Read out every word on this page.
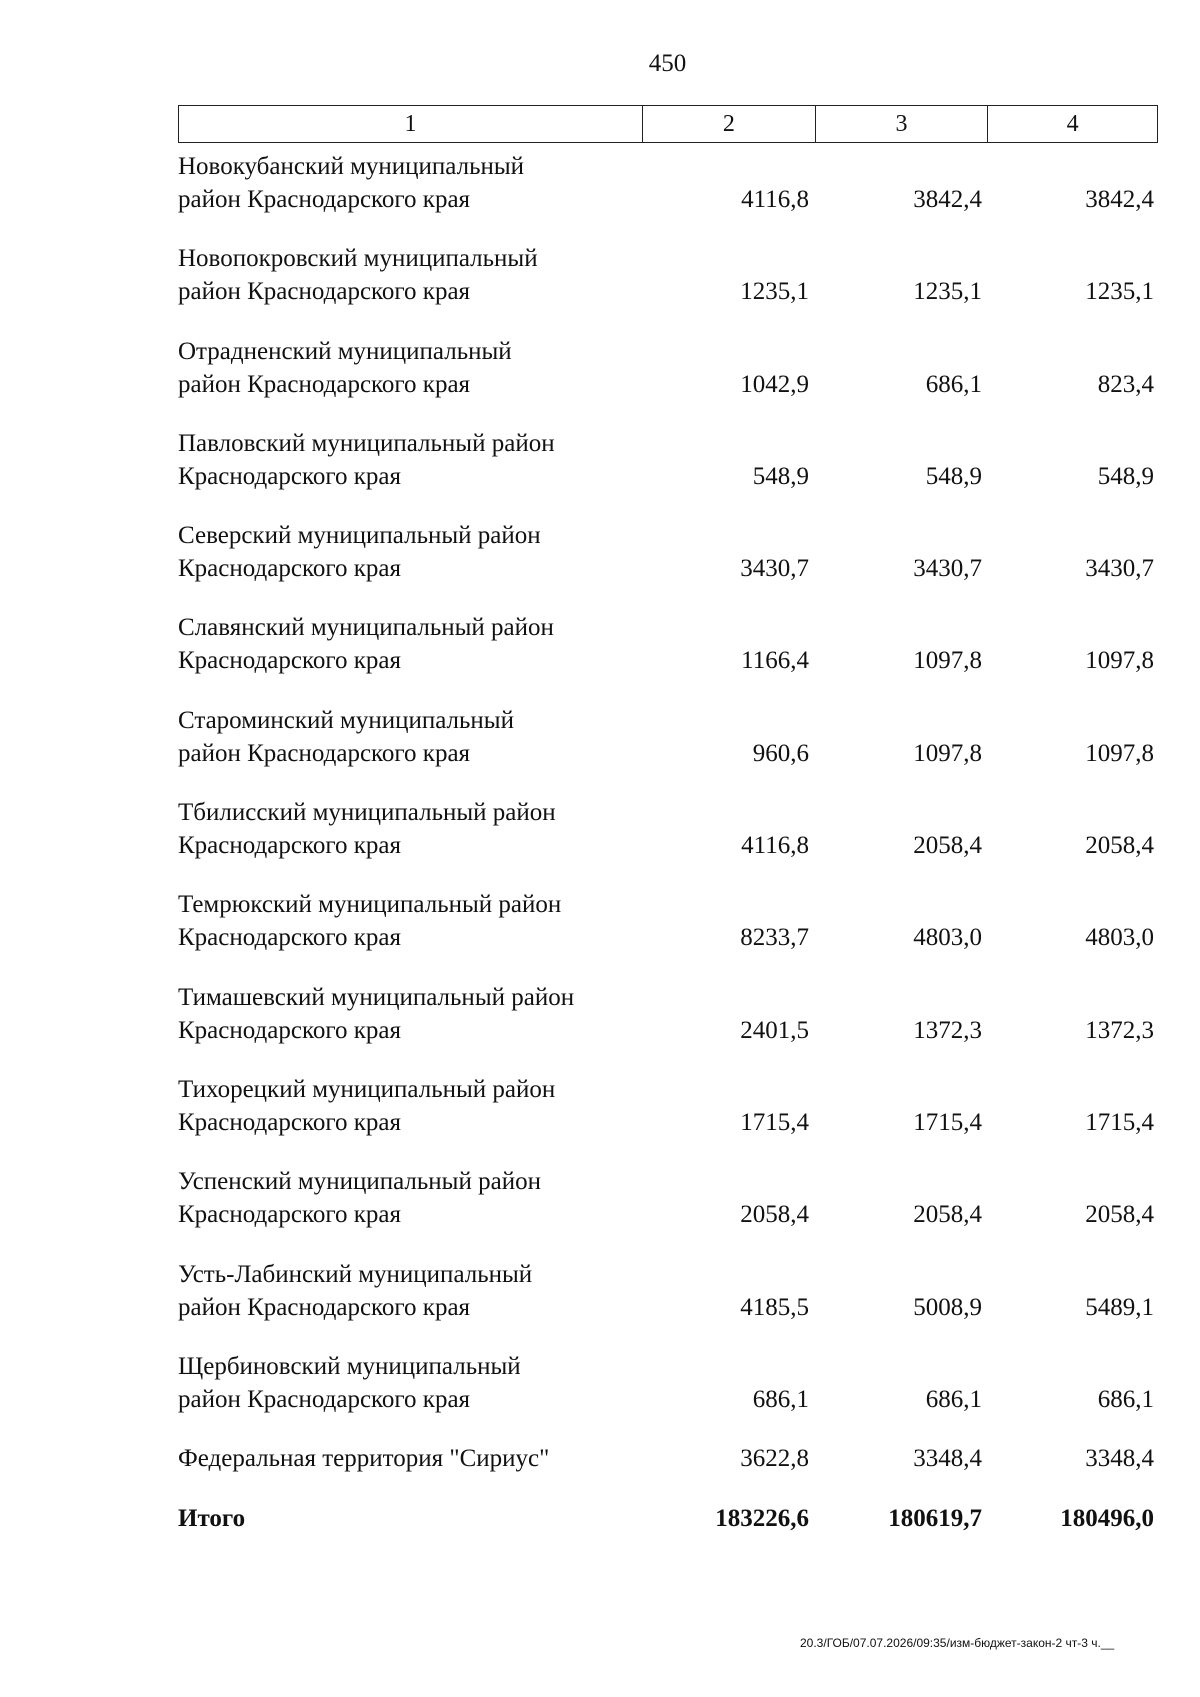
450
1	2	3	4
Новокубанский муниципальный
район Краснодарского края	4116,8	3842,4	3842,4
Новопокровский муниципальный
район Краснодарского края	1235,1	1235,1	1235,1
Отрадненский муниципальный
район Краснодарского края	1042,9	686,1	823,4
Павловский муниципальный район
Краснодарского края	548,9	548,9	548,9
Северский муниципальный район
Краснодарского края	3430,7	3430,7	3430,7
Славянский муниципальный район
Краснодарского края	1166,4	1097,8	1097,8
Староминский муниципальный
район Краснодарского края	960,6	1097,8	1097,8
Тбилисский муниципальный район
Краснодарского края	4116,8	2058,4	2058,4
Темрюкский муниципальный район
Краснодарского края	8233,7	4803,0	4803,0
Тимашевский муниципальный район
Краснодарского края	2401,5	1372,3	1372,3
Тихорецкий муниципальный район
Краснодарского края	1715,4	1715,4	1715,4
Успенский муниципальный район
Краснодарского края	2058,4	2058,4	2058,4
Усть-Лабинский муниципальный
район Краснодарского края	4185,5	5008,9	5489,1
Щербиновский муниципальный
район Краснодарского края	686,1	686,1	686,1
Федеральная территория "Сириус"	3622,8	3348,4	3348,4
Итого	183226,6	180619,7	180496,0
20.3/ГОБ/07.07.2026/09:35/изм-бюджет-закон-2 чт-3 ч.__
